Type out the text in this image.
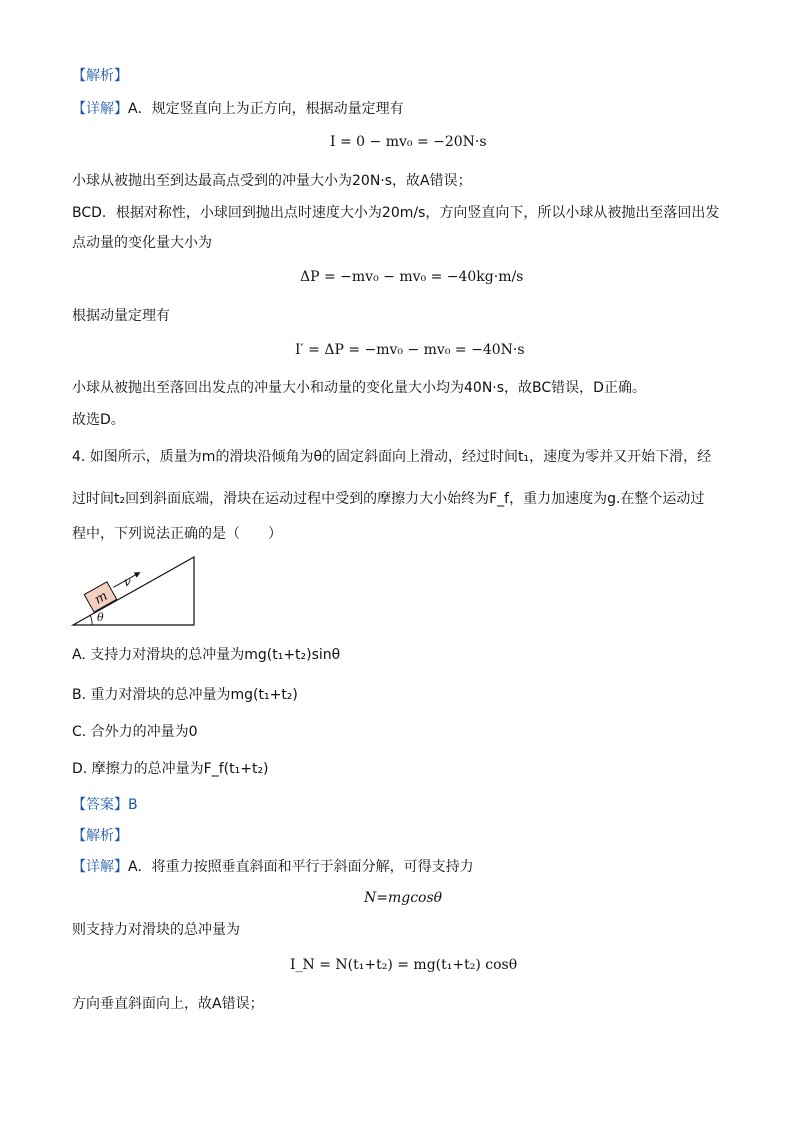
【解析】
【详解】A．规定竖直向上为正方向，根据动量定理有
I = 0 − mv₀ = −20N·s
小球从被抛出至到达最高点受到的冲量大小为20N·s，故A错误；
BCD．根据对称性，小球回到抛出点时速度大小为20m/s，方向竖直向下，所以小球从被抛出至落回出发
点动量的变化量大小为
ΔP = −mv₀ − mv₀ = −40kg·m/s
根据动量定理有
I′ = ΔP = −mv₀ − mv₀ = −40N·s
小球从被抛出至落回出发点的冲量大小和动量的变化量大小均为40N·s，故BC错误，D正确。
故选D。
4. 如图所示，质量为m的滑块沿倾角为θ的固定斜面向上滑动，经过时间t₁，速度为零并又开始下滑，经
过时间t₂回到斜面底端，滑块在运动过程中受到的摩擦力大小始终为F_f，重力加速度为g.在整个运动过
程中，下列说法正确的是（　　）
m
v
θ
A. 支持力对滑块的总冲量为mg(t₁+t₂)sinθ
B. 重力对滑块的总冲量为mg(t₁+t₂)
C. 合外力的冲量为0
D. 摩擦力的总冲量为F_f(t₁+t₂)
【答案】B
【解析】
【详解】A．将重力按照垂直斜面和平行于斜面分解，可得支持力
N=mgcosθ
则支持力对滑块的总冲量为
I_N = N(t₁+t₂) = mg(t₁+t₂) cosθ
方向垂直斜面向上，故A错误；
